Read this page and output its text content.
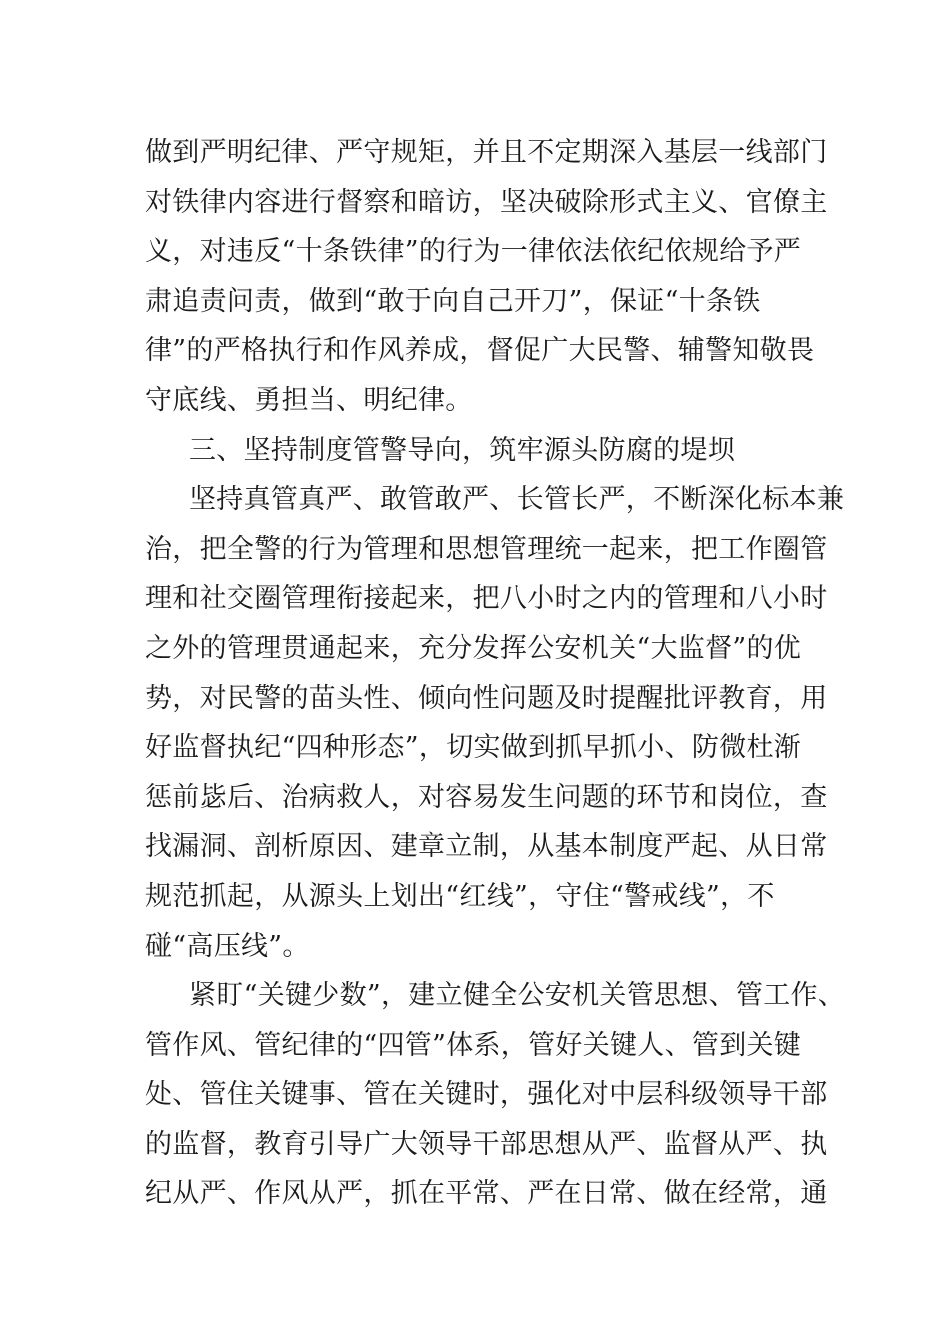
做到严明纪律、严守规矩，并且不定期深入基层一线部门
对铁律内容进行督察和暗访，坚决破除形式主义、官僚主
义，对违反“十条铁律”的行为一律依法依纪依规给予严
肃追责问责，做到“敢于向自己开刀”，保证“十条铁
律”的严格执行和作风养成，督促广大民警、辅警知敬畏
守底线、勇担当、明纪律。
三、坚持制度管警导向，筑牢源头防腐的堤坝
坚持真管真严、敢管敢严、长管长严，不断深化标本兼
治，把全警的行为管理和思想管理统一起来，把工作圈管
理和社交圈管理衔接起来，把八小时之内的管理和八小时
之外的管理贯通起来，充分发挥公安机关“大监督”的优
势，对民警的苗头性、倾向性问题及时提醒批评教育，用
好监督执纪“四种形态”，切实做到抓早抓小、防微杜渐
惩前毖后、治病救人，对容易发生问题的环节和岗位，查
找漏洞、剖析原因、建章立制，从基本制度严起、从日常
规范抓起，从源头上划出“红线”，守住“警戒线”，不
碰“高压线”。
紧盯“关键少数”，建立健全公安机关管思想、管工作、
管作风、管纪律的“四管”体系，管好关键人、管到关键
处、管住关键事、管在关键时，强化对中层科级领导干部
的监督，教育引导广大领导干部思想从严、监督从严、执
纪从严、作风从严，抓在平常、严在日常、做在经常，通
